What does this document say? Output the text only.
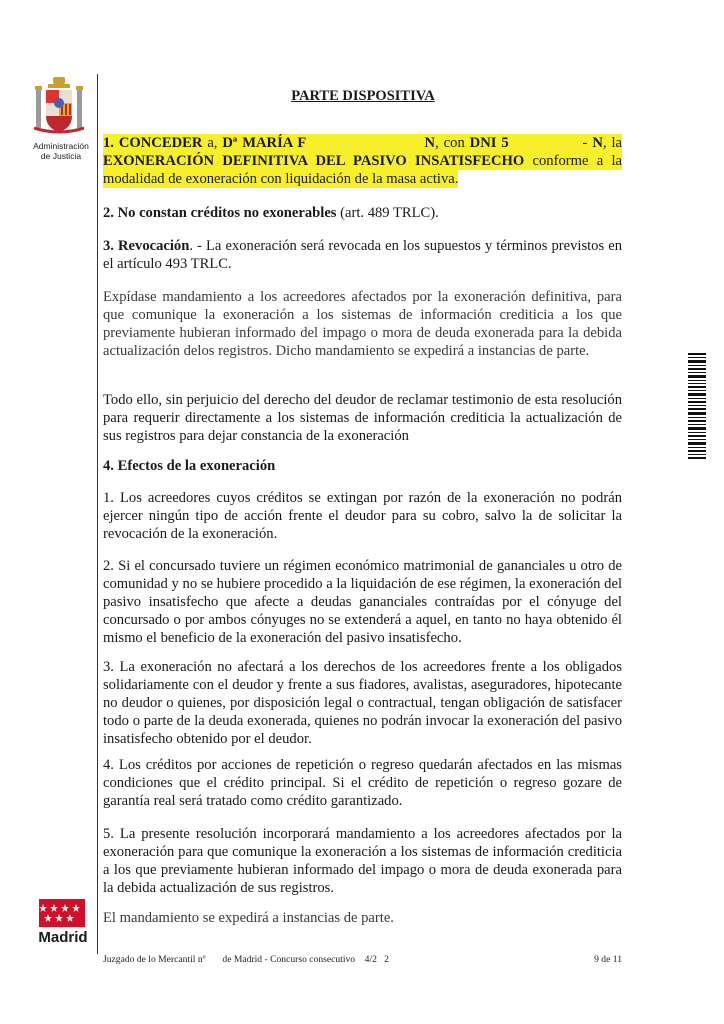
Administración de Justicia
Madrid
PARTE DISPOSITIVA

1. CONCEDER a, Dª MARÍA F	N, con DNI 5               - N, la EXONERACIÓN DEFINITIVA DEL PASIVO INSATISFECHO conforme a la modalidad de exoneración con liquidación de la masa activa.

2. No constan créditos no exonerables (art. 489 TRLC).

3. Revocación. - La exoneración será revocada en los supuestos y términos previstos en el artículo 493 TRLC.

Expídase mandamiento a los acreedores afectados por la exoneración definitiva, para que comunique la exoneración a los sistemas de información crediticia a los que previamente hubieran informado del impago o mora de deuda exonerada para la debida actualización delos registros. Dicho mandamiento se expedirá a instancias de parte.

Todo ello, sin perjuicio del derecho del deudor de reclamar testimonio de esta resolución para requerir directamente a los sistemas de información crediticia la actualización de sus registros para dejar constancia de la exoneración

4. Efectos de la exoneración

1. Los acreedores cuyos créditos se extingan por razón de la exoneración no podrán ejercer ningún tipo de acción frente el deudor para su cobro, salvo la de solicitar la revocación de la exoneración.

2. Si el concursado tuviere un régimen económico matrimonial de gananciales u otro de comunidad y no se hubiere procedido a la liquidación de ese régimen, la exoneración del pasivo insatisfecho que afecte a deudas gananciales contraídas por el cónyuge del concursado o por ambos cónyuges no se extenderá a aquel, en tanto no haya obtenido él mismo el beneficio de la exoneración del pasivo insatisfecho.

3. La exoneración no afectará a los derechos de los acreedores frente a los obligados solidariamente con el deudor y frente a sus fiadores, avalistas, aseguradores, hipotecante no deudor o quienes, por disposición legal o contractual, tengan obligación de satisfacer todo o parte de la deuda exonerada, quienes no podrán invocar la exoneración del pasivo insatisfecho obtenido por el deudor.

4. Los créditos por acciones de repetición o regreso quedarán afectados en las mismas condiciones que el crédito principal. Si el crédito de repetición o regreso gozare de garantía real será tratado como crédito garantizado.

5. La presente resolución incorporará mandamiento a los acreedores afectados por la exoneración para que comunique la exoneración a los sistemas de información crediticia a los que previamente hubieran informado del impago o mora de deuda exonerada para la debida actualización de sus registros.

El mandamiento se expedirá a instancias de parte.

Juzgado de lo Mercantil nº       de Madrid - Concurso consecutivo    4/2   2	9 de 11
